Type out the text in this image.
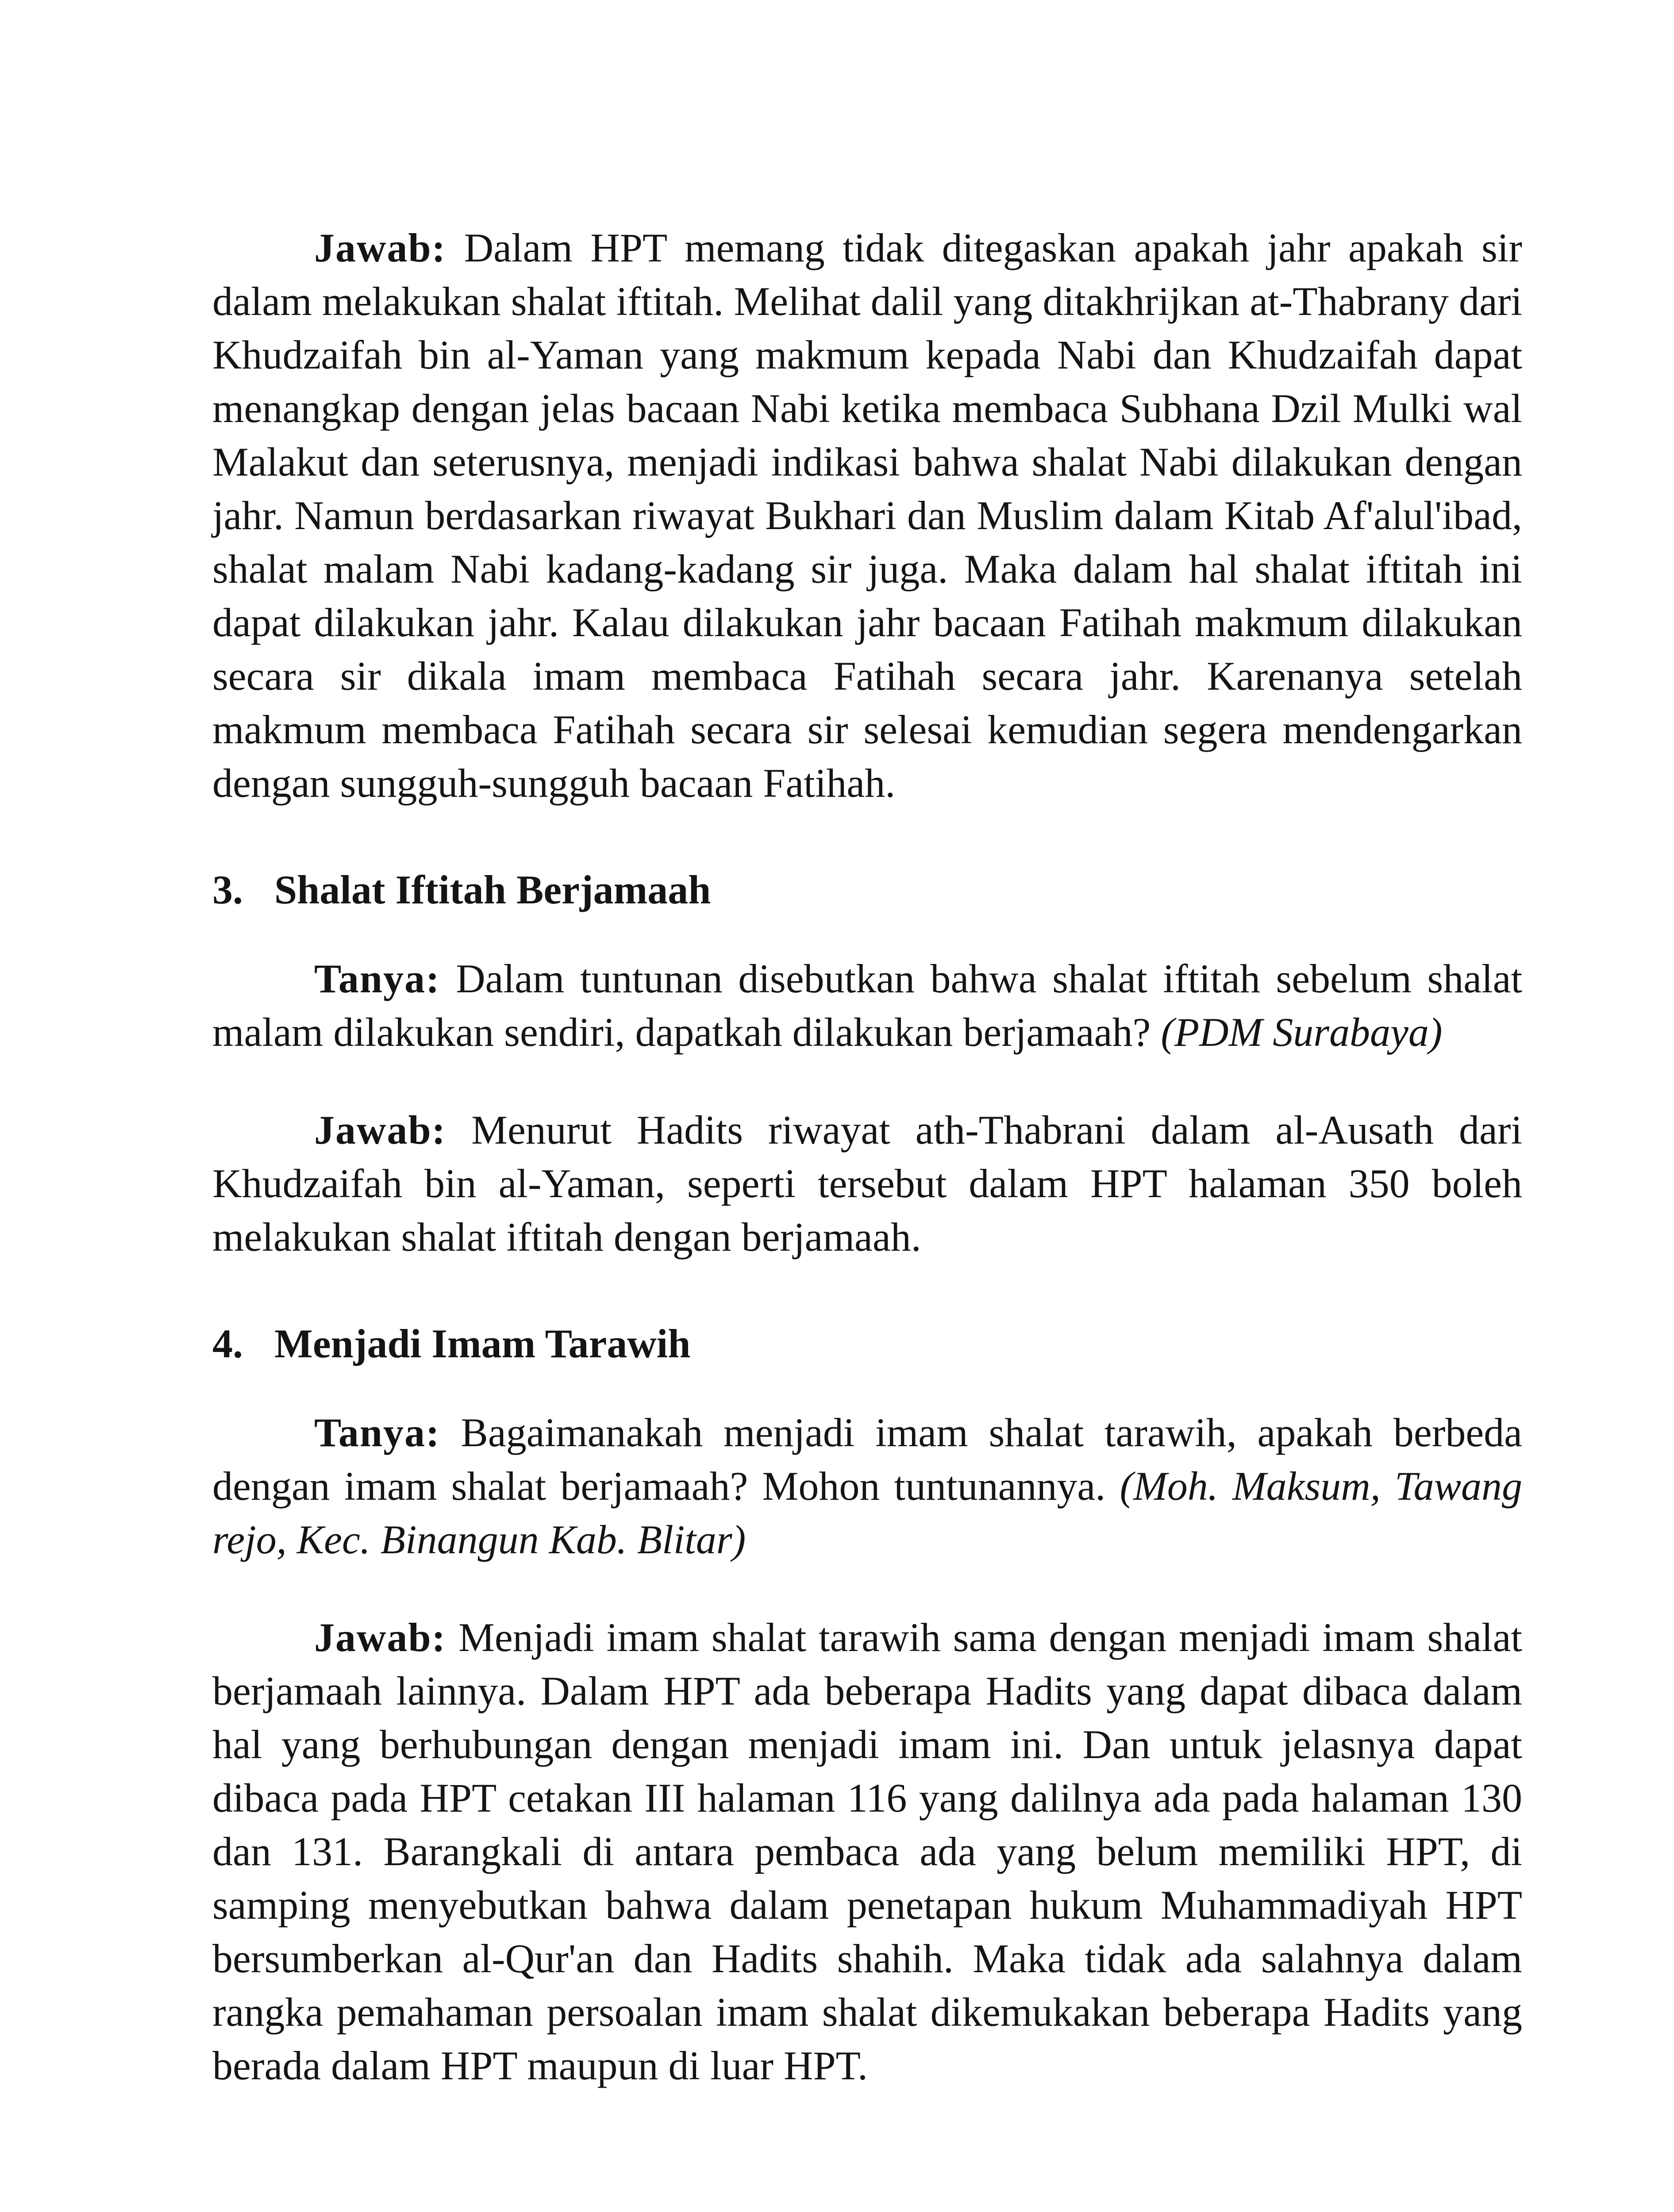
Jawab: Dalam HPT memang tidak ditegaskan apakah jahr apakah sir dalam melakukan shalat iftitah. Melihat dalil yang ditakhrijkan at-Thabrany dari Khudzaifah bin al-Yaman yang makmum kepada Nabi dan Khudzaifah dapat menangkap dengan jelas bacaan Nabi ketika membaca Subhana Dzil Mulki wal Malakut dan seterusnya, menjadi indikasi bahwa shalat Nabi dilakukan dengan jahr. Namun berdasarkan riwayat Bukhari dan Muslim dalam Kitab Af'alul'ibad, shalat malam Nabi kadang-kadang sir juga. Maka dalam hal shalat iftitah ini dapat dilakukan jahr. Kalau dilakukan jahr bacaan Fatihah makmum dilakukan secara sir dikala imam membaca Fatihah secara jahr. Karenanya setelah makmum membaca Fatihah secara sir selesai kemudian segera mendengarkan dengan sungguh-sungguh bacaan Fatihah.

3. Shalat Iftitah Berjamaah

Tanya: Dalam tuntunan disebutkan bahwa shalat iftitah sebelum shalat malam dilakukan sendiri, dapatkah dilakukan berjamaah? (PDM Surabaya)

Jawab: Menurut Hadits riwayat ath-Thabrani dalam al-Ausath dari Khudzaifah bin al-Yaman, seperti tersebut dalam HPT halaman 350 boleh melakukan shalat iftitah dengan berjamaah.

4. Menjadi Imam Tarawih

Tanya: Bagaimanakah menjadi imam shalat tarawih, apakah berbeda dengan imam shalat berjamaah? Mohon tuntunannya. (Moh. Maksum, Tawang rejo, Kec. Binangun Kab. Blitar)

Jawab: Menjadi imam shalat tarawih sama dengan menjadi imam shalat berjamaah lainnya. Dalam HPT ada beberapa Hadits yang dapat dibaca dalam hal yang berhubungan dengan menjadi imam ini. Dan untuk jelasnya dapat dibaca pada HPT cetakan III halaman 116 yang dalilnya ada pada halaman 130 dan 131. Barangkali di antara pembaca ada yang belum memiliki HPT, di samping menyebutkan bahwa dalam penetapan hukum Muhammadiyah HPT bersumberkan al-Qur'an dan Hadits shahih. Maka tidak ada salahnya dalam rangka pemahaman persoalan imam shalat dikemukakan beberapa Hadits yang berada dalam HPT maupun di luar HPT.
